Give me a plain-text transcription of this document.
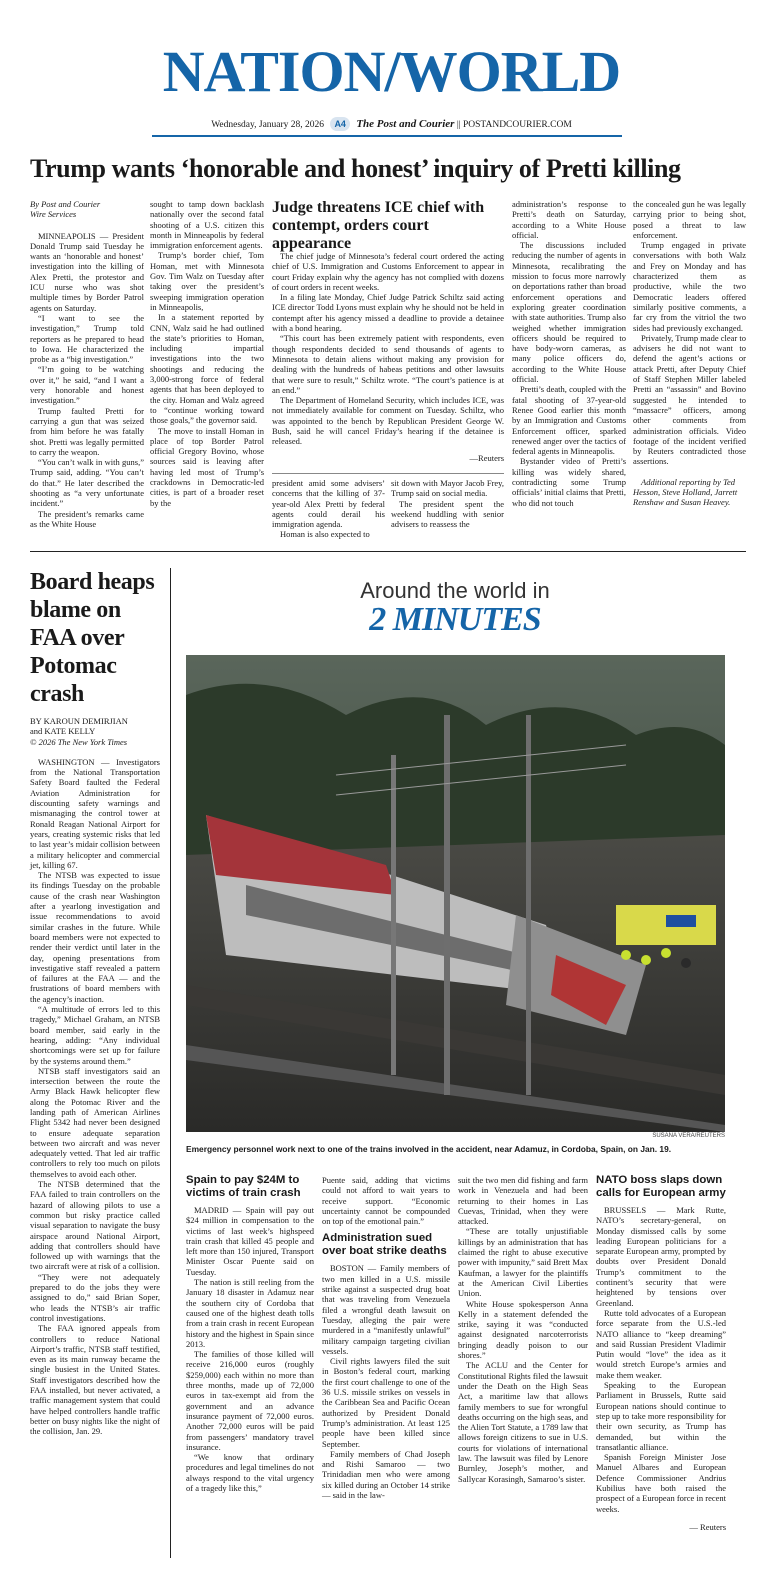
NATION/WORLD
Wednesday, January 28, 2026 A4 The Post and Courier || POSTANDCOURIER.COM
Trump wants ‘honorable and honest’ inquiry of Pretti killing

By Post and Courier

Wire Services

MINNEAPOLIS — President Donald Trump said Tuesday he wants an ‘honorable and honest’ investigation into the killing of Alex Pretti, the protestor and ICU nurse who was shot multiple times by Border Patrol agents on Saturday.

“I want to see the investigation,” Trump told reporters as he prepared to head to Iowa. He characterized the probe as a “big investigation.”

“I’m going to be watching over it,” he said, “and I want a very honorable and honest investigation.”

Trump faulted Pretti for carrying a gun that was seized from him before he was fatally shot. Pretti was legally permitted to carry the weapon.

“You can’t walk in with guns,” Trump said, adding. “You can’t do that.” He later described the shooting as “a very unfortunate incident.”

The president’s remarks came as the White House

sought to tamp down backlash nationally over the second fatal shooting of a U.S. citizen this month in Minneapolis by federal immigration enforcement agents.

Trump’s border chief, Tom Homan, met with Minnesota Gov. Tim Walz on Tuesday after taking over the president’s sweeping immigration operation in Minneapolis,

In a statement reported by CNN, Walz said he had outlined the state’s priorities to Homan, including impartial investigations into the two shootings and reducing the 3,000-strong force of federal agents that has been deployed to the city. Homan and Walz agreed to “continue working toward those goals,” the governor said.

The move to install Homan in place of top Border Patrol official Gregory Bovino, whose sources said is leaving after having led most of Trump’s crackdowns in Democratic-led cities, is part of a broader reset by the

Judge threatens ICE chief with contempt, orders court appearance

The chief judge of Minnesota’s federal court ordered the acting chief of U.S. Immigration and Customs Enforcement to appear in court Friday explain why the agency has not complied with dozens of court orders in recent weeks.

In a filing late Monday, Chief Judge Patrick Schiltz said acting ICE director Todd Lyons must explain why he should not be held in contempt after his agency missed a deadline to provide a detainee with a bond hearing.

“This court has been extremely patient with respondents, even though respondents decided to send thousands of agents to Minnesota to detain aliens without making any provision for dealing with the hundreds of habeas petitions and other lawsuits that were sure to result,” Schiltz wrote. “The court’s patience is at an end.”

The Department of Homeland Security, which includes ICE, was not immediately available for comment on Tuesday. Schiltz, who was appointed to the bench by Republican President George W. Bush, said he will cancel Friday’s hearing if the detainee is released.

—Reuters

president amid some advisers’ concerns that the killing of 37-year-old Alex Pretti by federal agents could derail his immigration agenda.

Homan is also expected to

sit down with Mayor Jacob Frey, Trump said on social media.

The president spent the weekend huddling with senior advisers to reassess the

administration’s response to Pretti’s death on Saturday, according to a White House official.

The discussions included reducing the number of agents in Minnesota, recalibrating the mission to focus more narrowly on deportations rather than broad enforcement operations and exploring greater coordination with state authorities. Trump also weighed whether immigration officers should be required to have body-worn cameras, as many police officers do, according to the White House official.

Pretti’s death, coupled with the fatal shooting of 37-year-old Renee Good earlier this month by an Immigration and Customs Enforcement officer, sparked renewed anger over the tactics of federal agents in Minneapolis.

Bystander video of Pretti’s killing was widely shared, contradicting some Trump officials’ initial claims that Pretti, who did not touch

the concealed gun he was legally carrying prior to being shot, posed a threat to law enforcement.

Trump engaged in private conversations with both Walz and Frey on Monday and has characterized them as productive, while the two Democratic leaders offered similarly positive comments, a far cry from the vitriol the two sides had previously exchanged.

Privately, Trump made clear to advisers he did not want to defend the agent’s actions or attack Pretti, after Deputy Chief of Staff Stephen Miller labeled Pretti an “assassin” and Bovino suggested he intended to “massacre” officers, among other comments from administration officials. Video footage of the incident verified by Reuters contradicted those assertions.

Additional reporting by Ted Hesson, Steve Holland, Jarrett Renshaw and Susan Heavey.

Board heaps blame on FAA over Potomac crash

BY KAROUN DEMIRJIAN

and KATE KELLY

© 2026 The New York Times

WASHINGTON — Investigators from the National Transportation Safety Board faulted the Federal Aviation Administration for discounting safety warnings and mismanaging the control tower at Ronald Reagan National Airport for years, creating systemic risks that led to last year’s midair collision between a military helicopter and commercial jet, killing 67.

The NTSB was expected to issue its findings Tuesday on the probable cause of the crash near Washington after a yearlong investigation and issue recommendations to avoid similar crashes in the future. While board members were not expected to render their verdict until later in the day, opening presentations from investigative staff revealed a pattern of failures at the FAA — and the frustrations of board members with the agency’s inaction.

“A multitude of errors led to this tragedy,” Michael Graham, an NTSB board member, said early in the hearing, adding: “Any individual shortcomings were set up for failure by the systems around them.”

NTSB staff investigators said an intersection between the route the Army Black Hawk helicopter flew along the Potomac River and the landing path of American Airlines Flight 5342 had never been designed to ensure adequate separation between two aircraft and was never adequately vetted. That led air traffic controllers to rely too much on pilots themselves to avoid each other.

The NTSB determined that the FAA failed to train controllers on the hazard of allowing pilots to use a common but risky practice called visual separation to navigate the busy airspace around National Airport, adding that controllers should have followed up with warnings that the two aircraft were at risk of a collision.

“They were not adequately prepared to do the jobs they were assigned to do,” said Brian Soper, who leads the NTSB’s air traffic control investigations.

The FAA ignored appeals from controllers to reduce National Airport’s traffic, NTSB staff testified, even as its main runway became the single busiest in the United States. Staff investigators described how the FAA installed, but never activated, a traffic management system that could have helped controllers handle traffic better on busy nights like the night of the collision, Jan. 29.

Around the world in
2 MINUTES
SUSANA VERA/REUTERS
Emergency personnel work next to one of the trains involved in the accident, near Adamuz, in Cordoba, Spain, on Jan. 19.
Spain to pay $24M to victims of train crash

MADRID — Spain will pay out $24 million in compensation to the victims of last week’s highspeed train crash that killed 45 people and left more than 150 injured, Transport Minister Oscar Puente said on Tuesday.

The nation is still reeling from the January 18 disaster in Adamuz near the southern city of Cordoba that caused one of the highest death tolls from a train crash in recent European history and the highest in Spain since 2013.

The families of those killed will receive 216,000 euros (roughly $259,000) each within no more than three months, made up of 72,000 euros in tax-exempt aid from the government and an advance insurance payment of 72,000 euros. Another 72,000 euros will be paid from passengers’ mandatory travel insurance.

“We know that ordinary procedures and legal timelines do not always respond to the vital urgency of a tragedy like this,”

Puente said, adding that victims could not afford to wait years to receive support. “Economic uncertainty cannot be compounded on top of the emotional pain.”

Administration sued over boat strike deaths

BOSTON — Family members of two men killed in a U.S. missile strike against a suspected drug boat that was traveling from Venezuela filed a wrongful death lawsuit on Tuesday, alleging the pair were murdered in a “manifestly unlawful” military campaign targeting civilian vessels.

Civil rights lawyers filed the suit in Boston’s federal court, marking the first court challenge to one of the 36 U.S. missile strikes on vessels in the Caribbean Sea and Pacific Ocean authorized by President Donald Trump’s administration. At least 125 people have been killed since September.

Family members of Chad Joseph and Rishi Samaroo — two Trinidadian men who were among six killed during an October 14 strike — said in the law-

suit the two men did fishing and farm work in Venezuela and had been returning to their homes in Las Cuevas, Trinidad, when they were attacked.

“These are totally unjustifiable killings by an administration that has claimed the right to abuse executive power with impunity,” said Brett Max Kaufman, a lawyer for the plaintiffs at the American Civil Liberties Union.

White House spokesperson Anna Kelly in a statement defended the strike, saying it was “conducted against designated narcoterrorists bringing deadly poison to our shores.”

The ACLU and the Center for Constitutional Rights filed the lawsuit under the Death on the High Seas Act, a maritime law that allows family members to sue for wrongful deaths occurring on the high seas, and the Alien Tort Statute, a 1789 law that allows foreign citizens to sue in U.S. courts for violations of international law. The lawsuit was filed by Lenore Burnley, Joseph’s mother, and Sallycar Korasingh, Samaroo’s sister.

NATO boss slaps down calls for European army

BRUSSELS — Mark Rutte, NATO’s secretary-general, on Monday dismissed calls by some leading European politicians for a separate European army, prompted by doubts over President Donald Trump’s commitment to the continent’s security that were heightened by tensions over Greenland.

Rutte told advocates of a European force separate from the U.S.-led NATO alliance to “keep dreaming” and said Russian President Vladimir Putin would “love” the idea as it would stretch Europe’s armies and make them weaker.

Speaking to the European Parliament in Brussels, Rutte said European nations should continue to step up to take more responsibility for their own security, as Trump has demanded, but within the transatlantic alliance.

Spanish Foreign Minister Jose Manuel Albares and European Defence Commissioner Andrius Kubilius have both raised the prospect of a European force in recent weeks.

— Reuters
